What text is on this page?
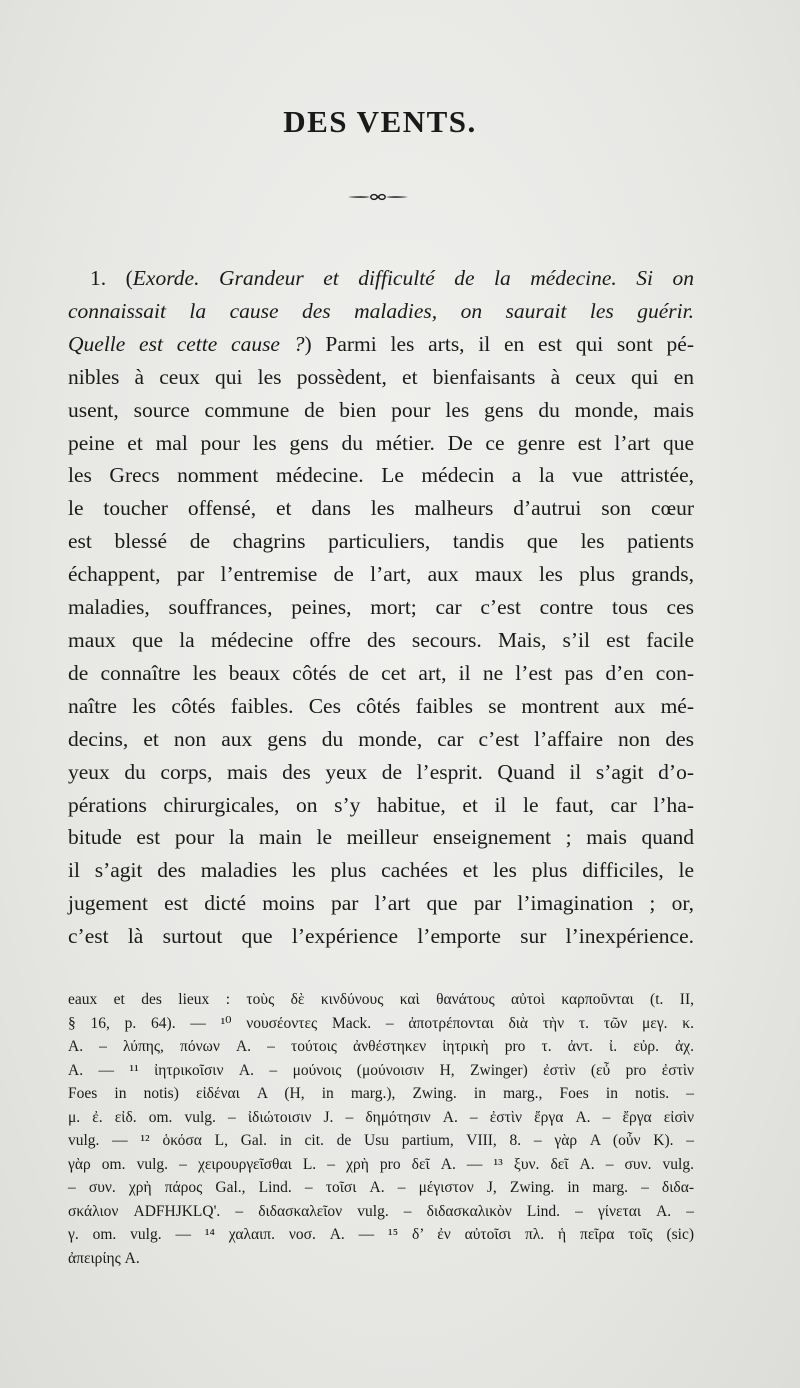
DES VENTS.
1. (Exorde. Grandeur et difficulté de la médecine. Si on
connaissait la cause des maladies, on saurait les guérir.
Quelle est cette cause ?) Parmi les arts, il en est qui sont pé-
nibles à ceux qui les possèdent, et bienfaisants à ceux qui en
usent, source commune de bien pour les gens du monde, mais
peine et mal pour les gens du métier. De ce genre est l’art que
les Grecs nomment médecine. Le médecin a la vue attristée,
le toucher offensé, et dans les malheurs d’autrui son cœur
est blessé de chagrins particuliers, tandis que les patients
échappent, par l’entremise de l’art, aux maux les plus grands,
maladies, souffrances, peines, mort; car c’est contre tous ces
maux que la médecine offre des secours. Mais, s’il est facile
de connaître les beaux côtés de cet art, il ne l’est pas d’en con-
naître les côtés faibles. Ces côtés faibles se montrent aux mé-
decins, et non aux gens du monde, car c’est l’affaire non des
yeux du corps, mais des yeux de l’esprit. Quand il s’agit d’o-
pérations chirurgicales, on s’y habitue, et il le faut, car l’ha-
bitude est pour la main le meilleur enseignement ; mais quand
il s’agit des maladies les plus cachées et les plus difficiles, le
jugement est dicté moins par l’art que par l’imagination ; or,
c’est là surtout que l’expérience l’emporte sur l’inexpérience.
eaux et des lieux : τοὺς δὲ κινδύνους καὶ θανάτους αὐτοὶ καρποῦνται (t. II,
§ 16, p. 64). — ¹⁰ νουσέοντες Mack. – ἀποτρέπονται διὰ τὴν τ. τῶν μεγ. κ.
A. – λύπης, πόνων A. – τούτοις ἀνθέστηκεν ἰητρικὴ pro τ. ἀντ. ἰ. εὐρ. ἀχ.
A. — ¹¹ ἰητρικοῖσιν A. – μούνοις (μούνοισιν H, Zwinger) ἐστὶν (εὖ pro ἐστὶν
Foes in notis) εἰδέναι A (H, in marg.), Zwing. in marg., Foes in notis. –
μ. ἐ. εἰδ. om. vulg. – ἰδιώτοισιν J. – δημότησιν A. – ἐστὶν ἔργα A. – ἔργα εἰσὶν
vulg. — ¹² ὁκόσα L, Gal. in cit. de Usu partium, VIII, 8. – γὰρ A (οὖν K). –
γὰρ om. vulg. – χειρουργεῖσθαι L. – χρὴ pro δεῖ A. — ¹³ ξυν. δεῖ A. – συν. vulg.
– συν. χρὴ πάρος Gal., Lind. – τοῖσι A. – μέγιστον J, Zwing. in marg. – διδα-
σκάλιον ADFHJKLQ'. – διδασκαλεῖον vulg. – διδασκαλικὸν Lind. – γίνεται A. –
γ. om. vulg. — ¹⁴ χαλαιπ. νοσ. A. — ¹⁵ δ’ ἐν αὐτοῖσι πλ. ἡ πεῖρα τοῖς (sic)
ἀπειρίης A.
